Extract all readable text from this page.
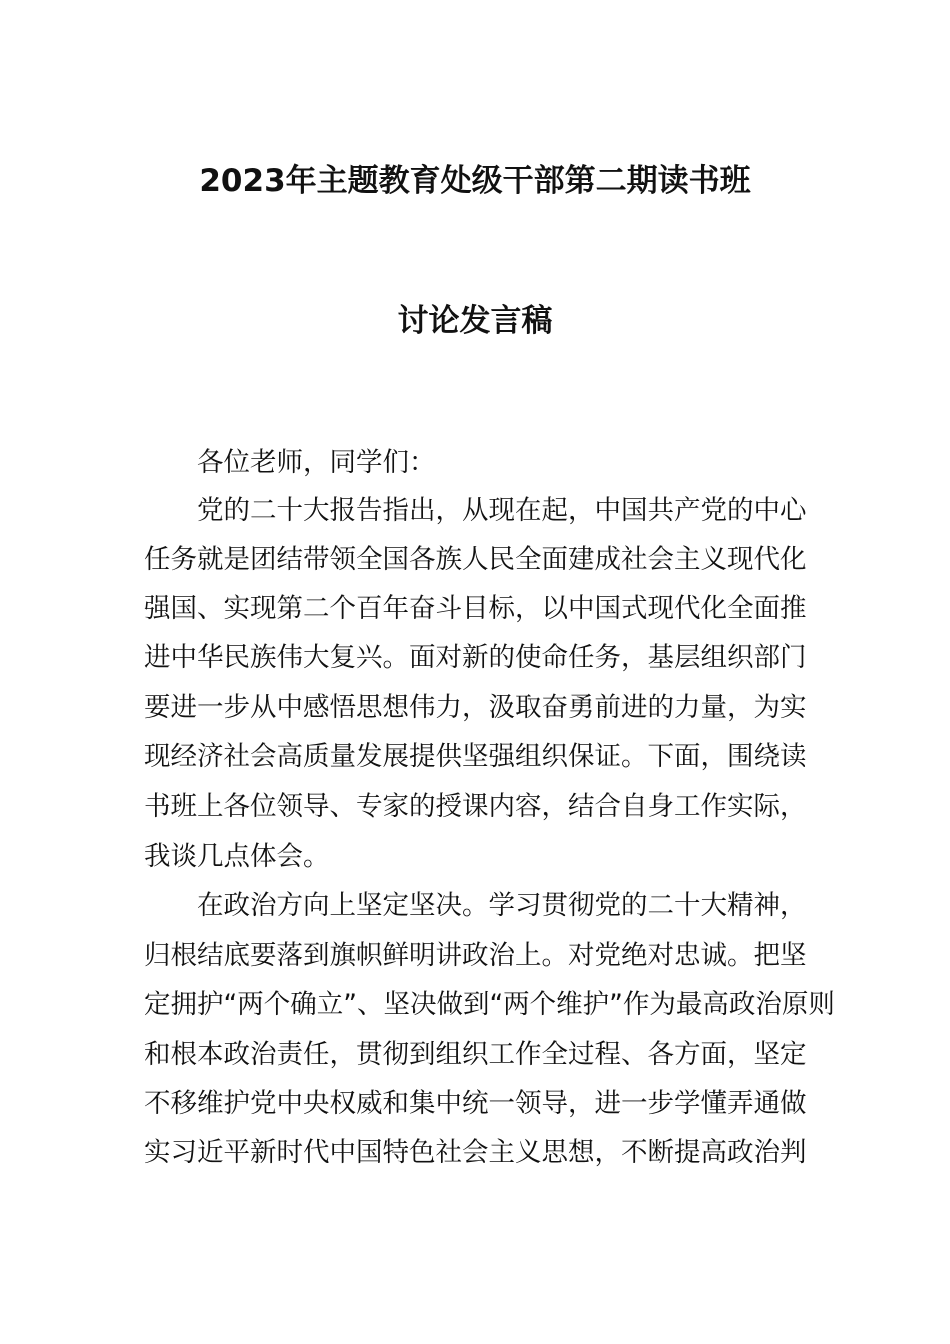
2023年主题教育处级干部第二期读书班
讨论发言稿
各位老师，同学们：
党的二十大报告指出，从现在起，中国共产党的中心
任务就是团结带领全国各族人民全面建成社会主义现代化
强国、实现第二个百年奋斗目标，以中国式现代化全面推
进中华民族伟大复兴。面对新的使命任务，基层组织部门
要进一步从中感悟思想伟力，汲取奋勇前进的力量，为实
现经济社会高质量发展提供坚强组织保证。下面，围绕读
书班上各位领导、专家的授课内容，结合自身工作实际，
我谈几点体会。
在政治方向上坚定坚决。学习贯彻党的二十大精神，
归根结底要落到旗帜鲜明讲政治上。对党绝对忠诚。把坚
定拥护“两个确立”、坚决做到“两个维护”作为最高政治原则
和根本政治责任，贯彻到组织工作全过程、各方面，坚定
不移维护党中央权威和集中统一领导，进一步学懂弄通做
实习近平新时代中国特色社会主义思想，不断提高政治判
